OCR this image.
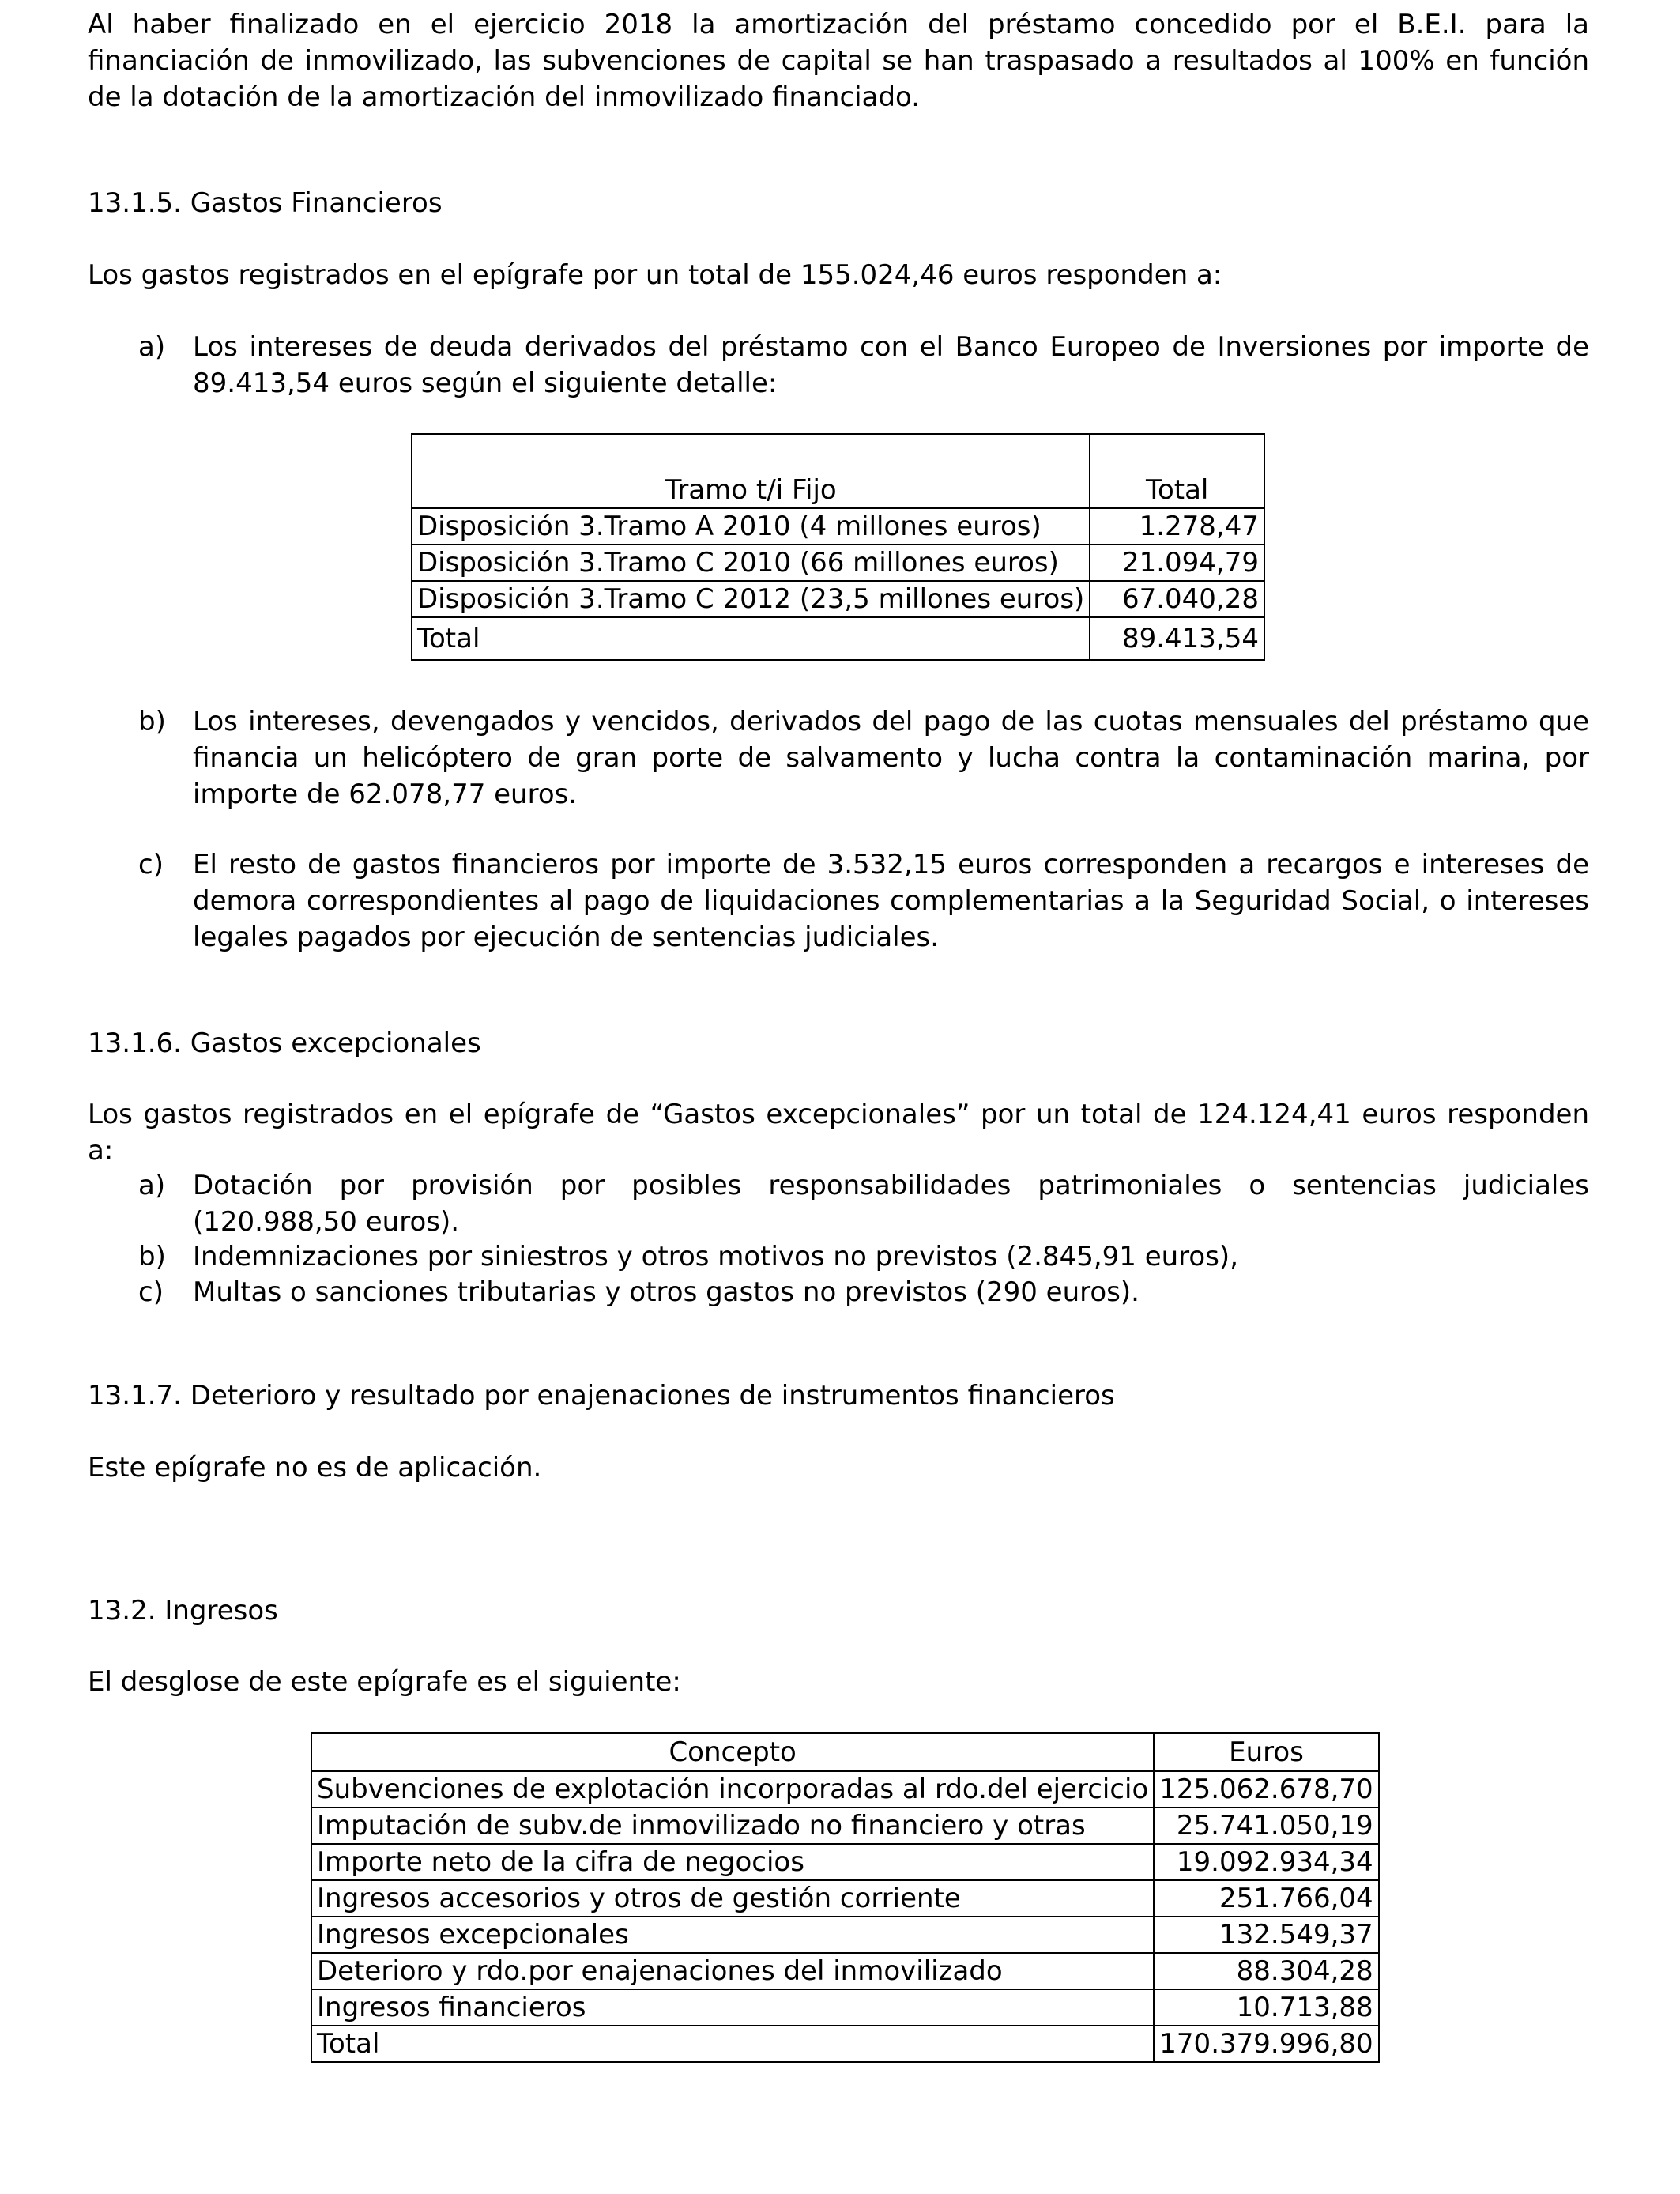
Al haber finalizado en el ejercicio 2018 la amortización del préstamo concedido por el B.E.I. para la financiación de inmovilizado, las subvenciones de capital se han traspasado a resultados al 100% en función de la dotación de la amortización del inmovilizado financiado.

13.1.5. Gastos Financieros

Los gastos registrados en el epígrafe por un total de 155.024,46 euros responden a:

a)	Los intereses de deuda derivados del préstamo con el Banco Europeo de Inversiones por importe de 89.413,54 euros según el siguiente detalle:
Tramo t/i Fijo	Total
Disposición 3.Tramo A 2010 (4 millones euros)	1.278,47
Disposición 3.Tramo C 2010 (66 millones euros)	21.094,79
Disposición 3.Tramo C 2012 (23,5 millones euros)	67.040,28
Total	89.413,54
b)	Los intereses, devengados y vencidos, derivados del pago de las cuotas mensuales del préstamo que financia un helicóptero de gran porte de salvamento y lucha contra la contaminación marina, por importe de 62.078,77 euros.
c)	El resto de gastos financieros por importe de 3.532,15 euros corresponden a recargos e intereses de demora correspondientes al pago de liquidaciones complementarias a la Seguridad Social, o intereses legales pagados por ejecución de sentencias judiciales.

13.1.6. Gastos excepcionales

Los gastos registrados en el epígrafe de “Gastos excepcionales” por un total de 124.124,41 euros responden a:

a)	Dotación por provisión por posibles responsabilidades patrimoniales o sentencias judiciales (120.988,50 euros).
b)	Indemnizaciones por siniestros y otros motivos no previstos (2.845,91 euros),
c)	Multas o sanciones tributarias y otros gastos no previstos (290 euros).

13.1.7. Deterioro y resultado por enajenaciones de instrumentos financieros

Este epígrafe no es de aplicación.

13.2. Ingresos

El desglose de este epígrafe es el siguiente:

Concepto	Euros
Subvenciones de explotación incorporadas al rdo.del ejercicio	125.062.678,70
Imputación de subv.de inmovilizado no financiero y otras	25.741.050,19
Importe neto de la cifra de negocios	19.092.934,34
Ingresos accesorios y otros de gestión corriente	251.766,04
Ingresos excepcionales	132.549,37
Deterioro y rdo.por enajenaciones del inmovilizado	88.304,28
Ingresos financieros	10.713,88
Total	170.379.996,80
